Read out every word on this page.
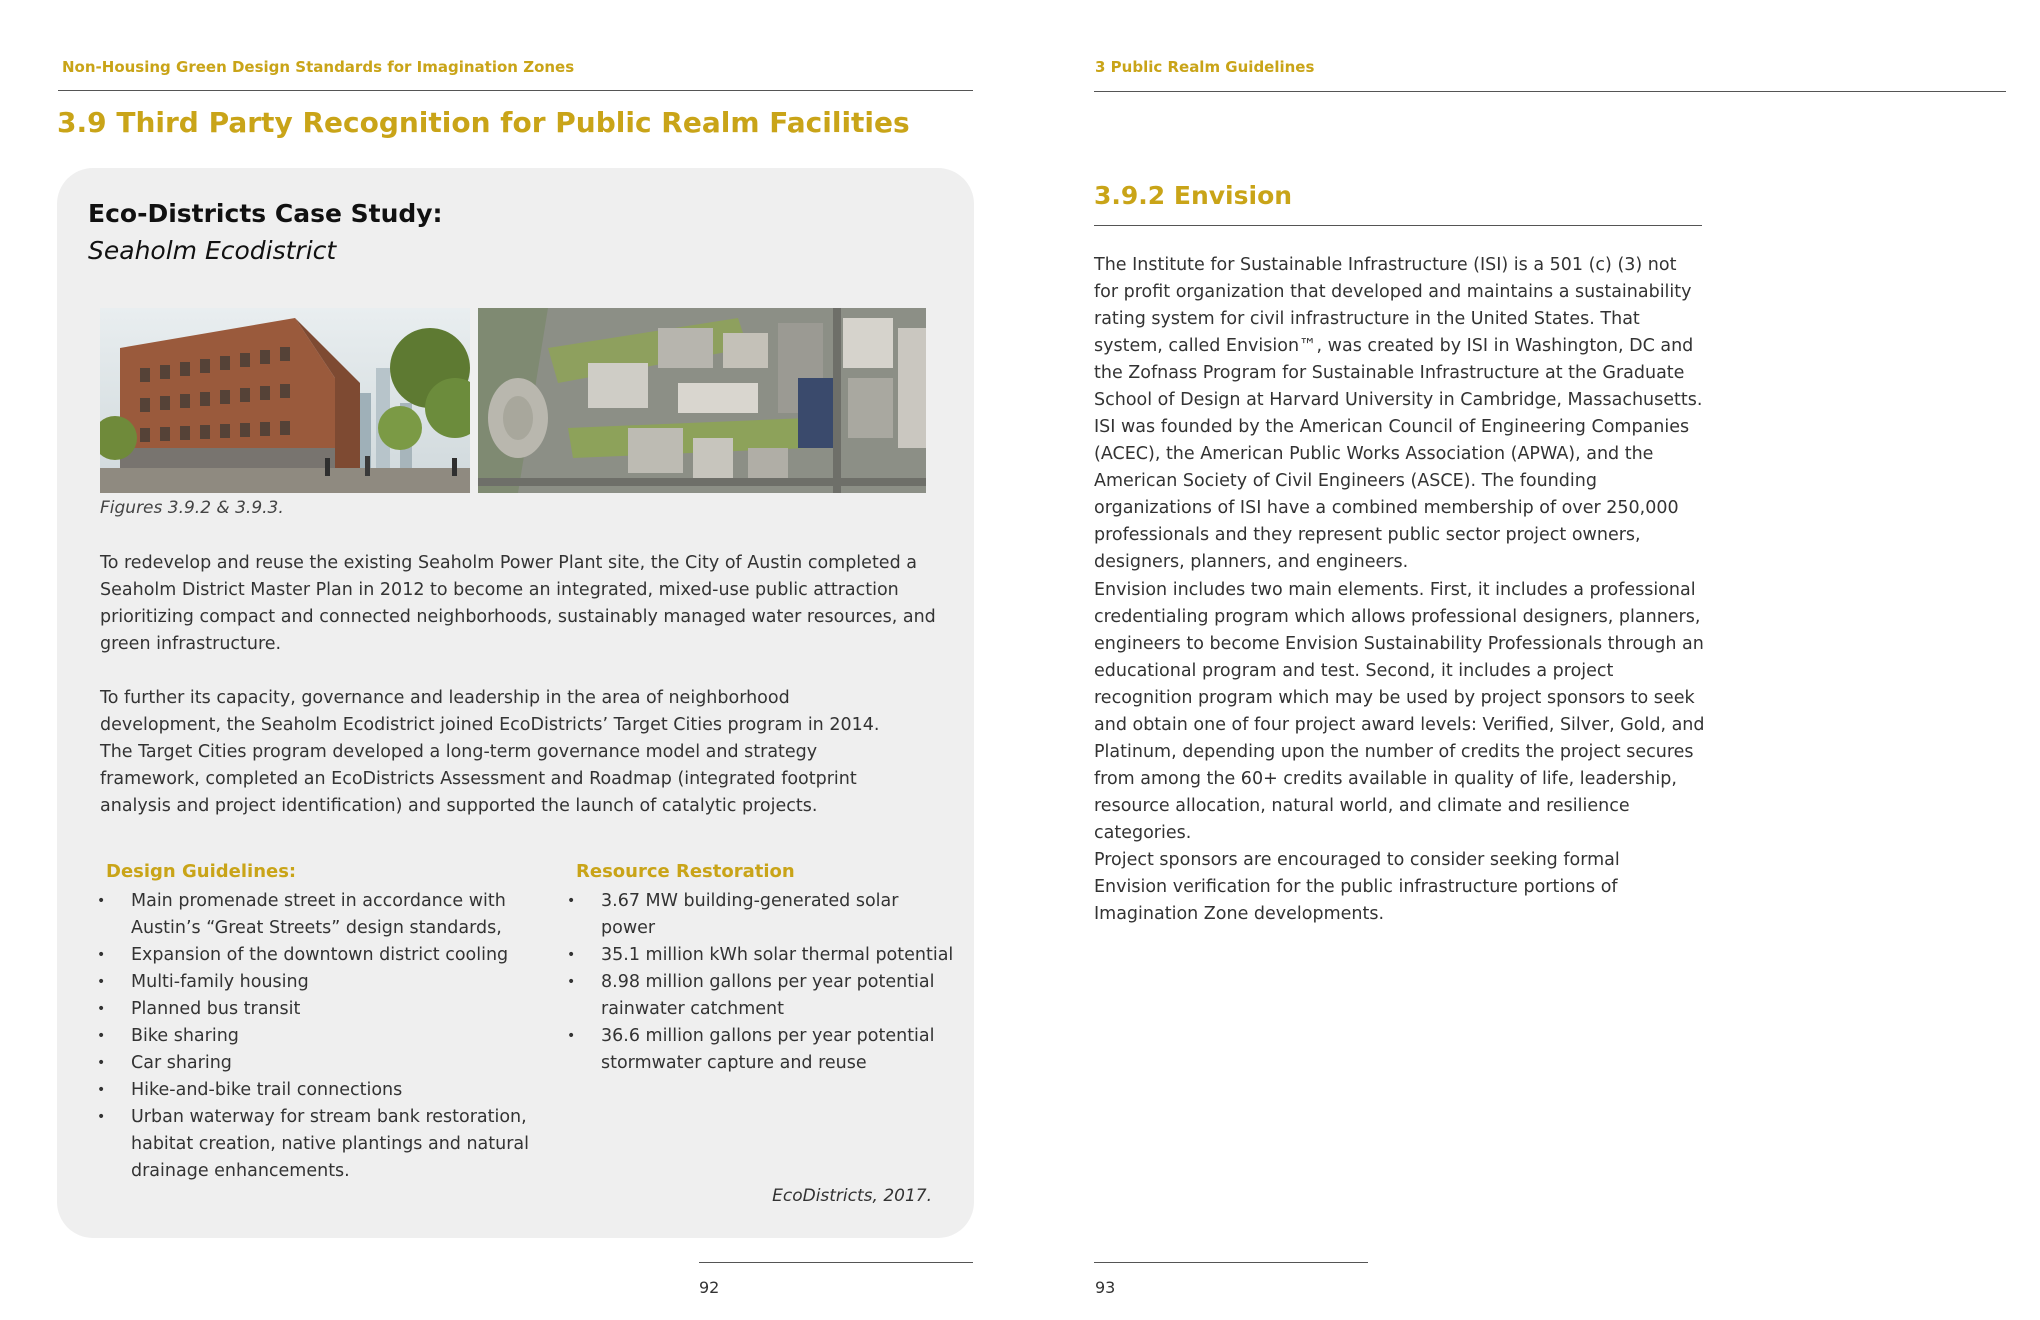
Non-Housing Green Design Standards for Imagination Zones
3.9 Third Party Recognition for Public Realm Facilities
Eco-Districts Case Study:
Seaholm Ecodistrict
Figures 3.9.2 & 3.9.3.
To redevelop and reuse the existing Seaholm Power Plant site, the City of Austin completed a Seaholm District Master Plan in 2012 to become an integrated, mixed-use public attraction prioritizing compact and connected neighborhoods, sustainably managed water resources, and green infrastructure.
To further its capacity, governance and leadership in the area of neighborhood development, the Seaholm Ecodistrict joined EcoDistricts’ Target Cities program in 2014. The Target Cities program developed a long-term governance model and strategy framework, completed an EcoDistricts Assessment and Roadmap (integrated footprint analysis and project identification) and supported the launch of catalytic projects.
Design Guidelines:
• Main promenade street in accordance with Austin’s “Great Streets” design standards,
• Expansion of the downtown district cooling
• Multi-family housing
• Planned bus transit
• Bike sharing
• Car sharing
• Hike-and-bike trail connections
• Urban waterway for stream bank restoration, habitat creation, native plantings and natural drainage enhancements.
Resource Restoration
• 3.67 MW building-generated solar power
• 35.1 million kWh solar thermal potential
• 8.98 million gallons per year potential rainwater catchment
• 36.6 million gallons per year potential stormwater capture and reuse
EcoDistricts, 2017.
92
3 Public Realm Guidelines
3.9.2 Envision
The Institute for Sustainable Infrastructure (ISI) is a 501 (c) (3) not for profit organization that developed and maintains a sustainability rating system for civil infrastructure in the United States. That system, called Envision™, was created by ISI in Washington, DC and the Zofnass Program for Sustainable Infrastructure at the Graduate School of Design at Harvard University in Cambridge, Massachusetts. ISI was founded by the American Council of Engineering Companies (ACEC), the American Public Works Association (APWA), and the American Society of Civil Engineers (ASCE). The founding organizations of ISI have a combined membership of over 250,000 professionals and they represent public sector project owners, designers, planners, and engineers.
Envision includes two main elements. First, it includes a professional credentialing program which allows professional designers, planners, engineers to become Envision Sustainability Professionals through an educational program and test. Second, it includes a project recognition program which may be used by project sponsors to seek and obtain one of four project award levels: Verified, Silver, Gold, and Platinum, depending upon the number of credits the project secures from among the 60+ credits available in quality of life, leadership, resource allocation, natural world, and climate and resilience categories.
Project sponsors are encouraged to consider seeking formal Envision verification for the public infrastructure portions of Imagination Zone developments.
93
